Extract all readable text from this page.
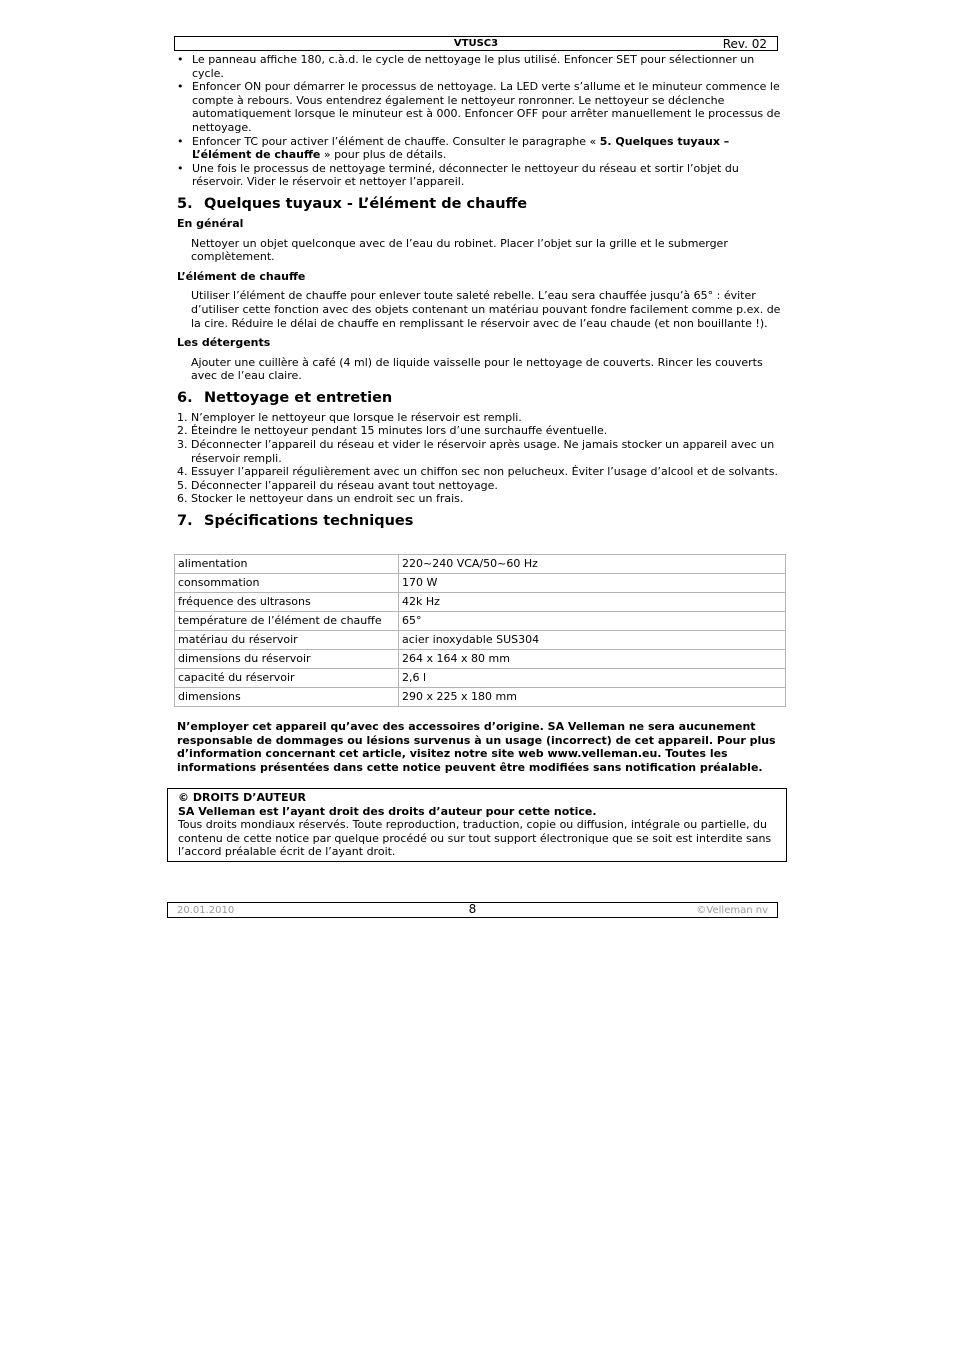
VTUSC3	Rev. 02
• Le panneau affiche 180, c.à.d. le cycle de nettoyage le plus utilisé. Enfoncer SET pour sélectionner un cycle.
• Enfoncer ON pour démarrer le processus de nettoyage. La LED verte s’allume et le minuteur commence le compte à rebours. Vous entendrez également le nettoyeur ronronner. Le nettoyeur se déclenche automatiquement lorsque le minuteur est à 000. Enfoncer OFF pour arrêter manuellement le processus de nettoyage.
• Enfoncer TC pour activer l’élément de chauffe. Consulter le paragraphe « 5. Quelques tuyaux – L’élément de chauffe » pour plus de détails.
• Une fois le processus de nettoyage terminé, déconnecter le nettoyeur du réseau et sortir l’objet du réservoir. Vider le réservoir et nettoyer l’appareil.
5. Quelques tuyaux - L’élément de chauffe
En général
Nettoyer un objet quelconque avec de l’eau du robinet. Placer l’objet sur la grille et le submerger complètement.
L’élément de chauffe
Utiliser l’élément de chauffe pour enlever toute saleté rebelle. L’eau sera chauffée jusqu’à 65° : éviter d’utiliser cette fonction avec des objets contenant un matériau pouvant fondre facilement comme p.ex. de la cire. Réduire le délai de chauffe en remplissant le réservoir avec de l’eau chaude (et non bouillante !).
Les détergents
Ajouter une cuillère à café (4 ml) de liquide vaisselle pour le nettoyage de couverts. Rincer les couverts avec de l’eau claire.
6. Nettoyage et entretien
1. N’employer le nettoyeur que lorsque le réservoir est rempli.
2. Éteindre le nettoyeur pendant 15 minutes lors d’une surchauffe éventuelle.
3. Déconnecter l’appareil du réseau et vider le réservoir après usage. Ne jamais stocker un appareil avec un réservoir rempli.
4. Essuyer l’appareil régulièrement avec un chiffon sec non pelucheux. Éviter l’usage d’alcool et de solvants.
5. Déconnecter l’appareil du réseau avant tout nettoyage.
6. Stocker le nettoyeur dans un endroit sec un frais.
7. Spécifications techniques
alimentation	220~240 VCA/50~60 Hz
consommation	170 W
fréquence des ultrasons	42k Hz
température de l’élément de chauffe	65°
matériau du réservoir	acier inoxydable SUS304
dimensions du réservoir	264 x 164 x 80 mm
capacité du réservoir	2,6 l
dimensions	290 x 225 x 180 mm
N’employer cet appareil qu’avec des accessoires d’origine. SA Velleman ne sera aucunement responsable de dommages ou lésions survenus à un usage (incorrect) de cet appareil. Pour plus d’information concernant cet article, visitez notre site web www.velleman.eu. Toutes les informations présentées dans cette notice peuvent être modifiées sans notification préalable.
© DROITS D’AUTEUR
SA Velleman est l’ayant droit des droits d’auteur pour cette notice.
Tous droits mondiaux réservés. Toute reproduction, traduction, copie ou diffusion, intégrale ou partielle, du contenu de cette notice par quelque procédé ou sur tout support électronique que se soit est interdite sans l’accord préalable écrit de l’ayant droit.
20.01.2010	8	©Velleman nv
